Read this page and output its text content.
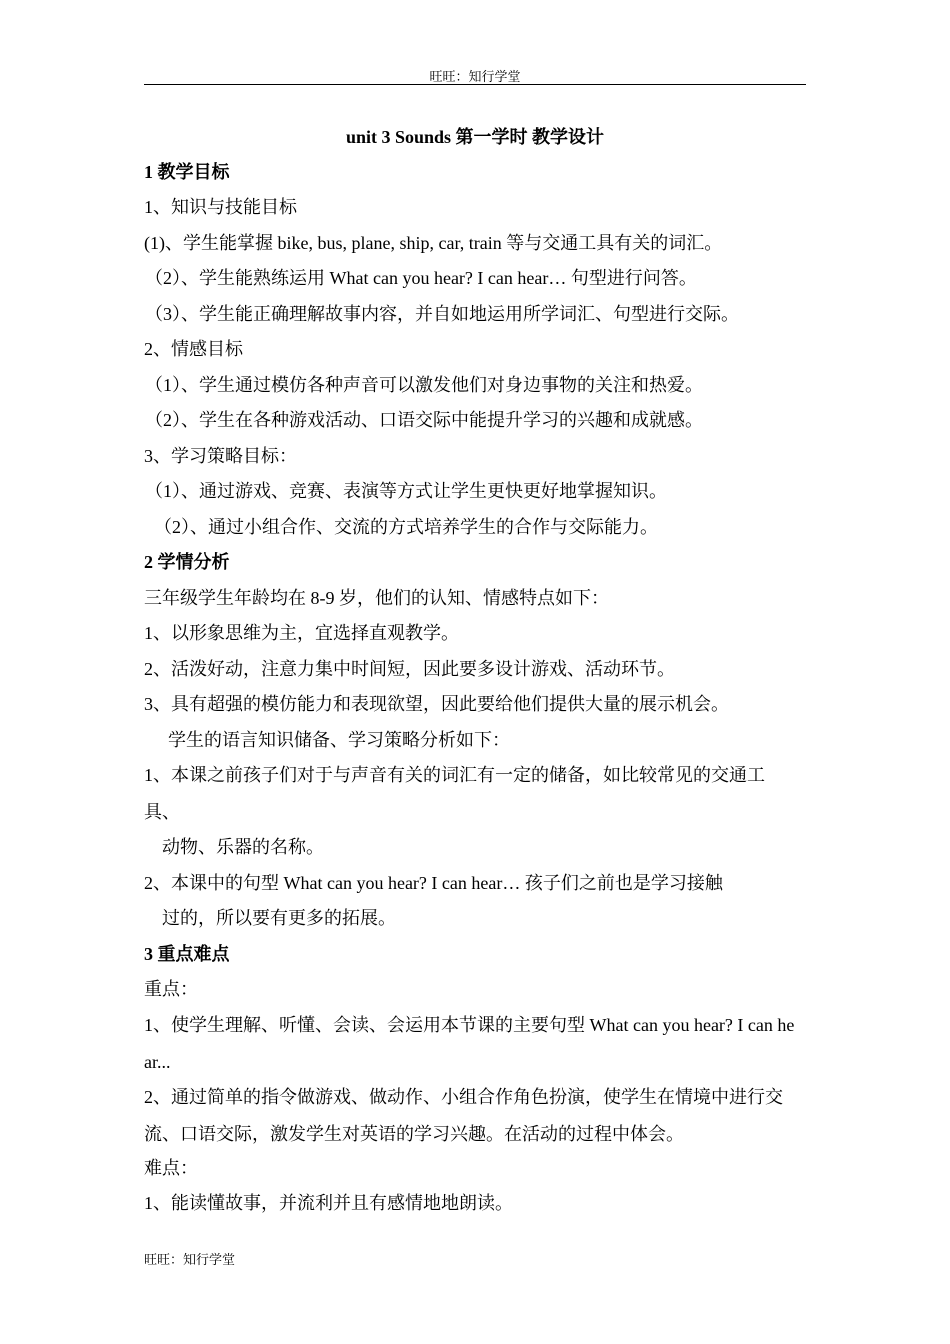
旺旺：知行学堂
unit 3 Sounds 第一学时 教学设计
1 教学目标
1、知识与技能目标
(1)、学生能掌握 bike, bus, plane, ship, car, train 等与交通工具有关的词汇。
（2）、学生能熟练运用 What can you hear? I can hear… 句型进行问答。
（3）、学生能正确理解故事内容，并自如地运用所学词汇、句型进行交际。
2、情感目标
（1）、学生通过模仿各种声音可以激发他们对身边事物的关注和热爱。
（2）、学生在各种游戏活动、口语交际中能提升学习的兴趣和成就感。
3、学习策略目标：
（1）、通过游戏、竞赛、表演等方式让学生更快更好地掌握知识。
（2）、通过小组合作、交流的方式培养学生的合作与交际能力。
2 学情分析
三年级学生年龄均在 8-9 岁，他们的认知、情感特点如下：
1、以形象思维为主，宜选择直观教学。
2、活泼好动，注意力集中时间短，因此要多设计游戏、活动环节。
3、具有超强的模仿能力和表现欲望，因此要给他们提供大量的展示机会。
学生的语言知识储备、学习策略分析如下：
1、本课之前孩子们对于与声音有关的词汇有一定的储备，如比较常见的交通工
具、
动物、乐器的名称。
2、本课中的句型 What can you hear? I can hear… 孩子们之前也是学习接触
过的，所以要有更多的拓展。
3 重点难点
重点：
1、使学生理解、听懂、会读、会运用本节课的主要句型 What can you hear? I can he
ar...
2、通过简单的指令做游戏、做动作、小组合作角色扮演，使学生在情境中进行交
流、口语交际，激发学生对英语的学习兴趣。在活动的过程中体会。
难点：
1、能读懂故事，并流利并且有感情地地朗读。
旺旺：知行学堂
